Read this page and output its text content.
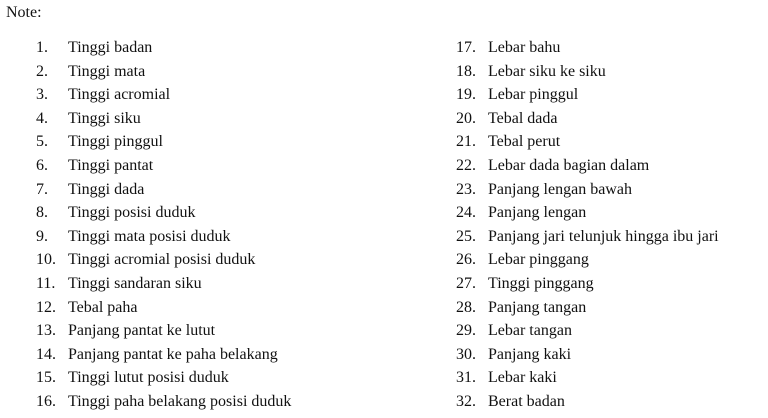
Note:
1. Tinggi badan
2. Tinggi mata
3. Tinggi acromial
4. Tinggi siku
5. Tinggi pinggul
6. Tinggi pantat
7. Tinggi dada
8. Tinggi posisi duduk
9. Tinggi mata posisi duduk
10. Tinggi acromial posisi duduk
11. Tinggi sandaran siku
12. Tebal paha
13. Panjang pantat ke lutut
14. Panjang pantat ke paha belakang
15. Tinggi lutut posisi duduk
16. Tinggi paha belakang posisi duduk
17. Lebar bahu
18. Lebar siku ke siku
19. Lebar pinggul
20. Tebal dada
21. Tebal perut
22. Lebar dada bagian dalam
23. Panjang lengan bawah
24. Panjang lengan
25. Panjang jari telunjuk hingga ibu jari
26. Lebar pinggang
27. Tinggi pinggang
28. Panjang tangan
29. Lebar tangan
30. Panjang kaki
31. Lebar kaki
32. Berat badan
